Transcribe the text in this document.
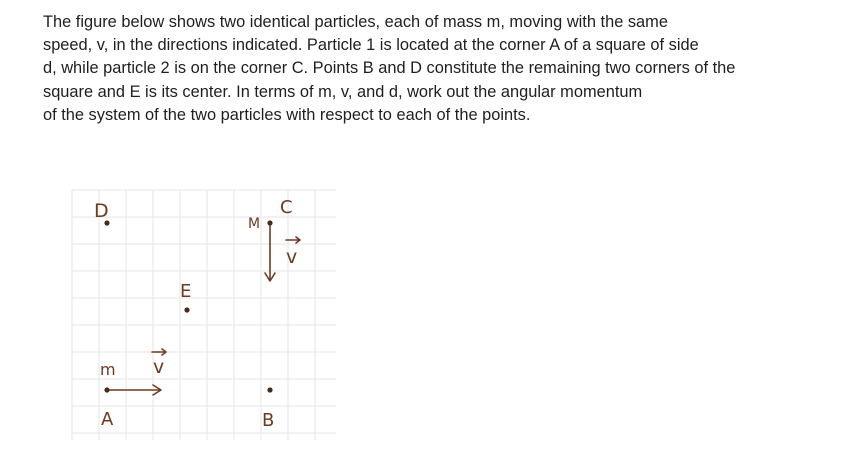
The figure below shows two identical particles, each of mass m, moving with the same
speed, v, in the directions indicated. Particle 1 is located at the corner A of a square of side
d, while particle 2 is on the corner C. Points B and D constitute the remaining two corners of the
square and E is its center. In terms of m, v, and d, work out the angular momentum
of the system of the two particles with respect to each of the points.
D	C
M
v
E
m v
A	B
